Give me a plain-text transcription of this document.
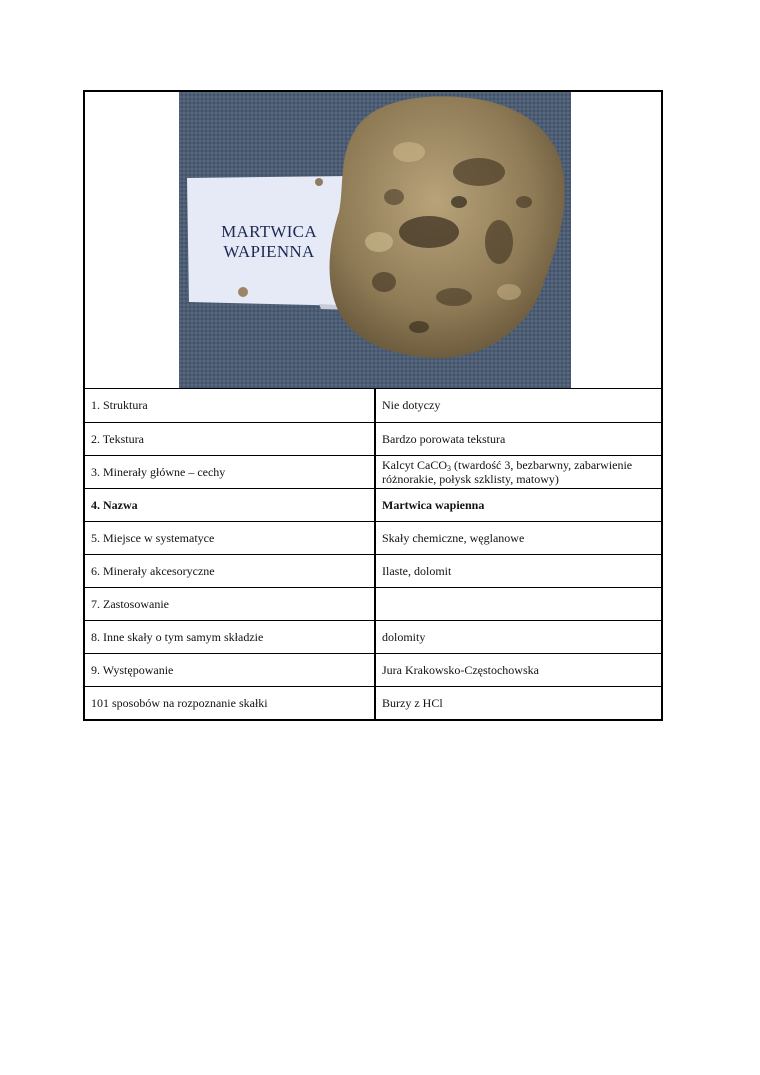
MARTWICA
WAPIENNA
1. Struktura	Nie dotyczy
2. Tekstura	Bardzo porowata tekstura
3. Minerały główne – cechy	Kalcyt CaCO$_3$ (twardość 3, bezbarwny, zabarwienie różnorakie, połysk szklisty, matowy)
4. Nazwa	Martwica wapienna
5. Miejsce w systematyce	Skały chemiczne, węglanowe
6. Minerały akcesoryczne	Ilaste, dolomit
7. Zastosowanie	
8. Inne skały o tym samym składzie	dolomity
9. Występowanie	Jura Krakowsko-Częstochowska
101 sposobów na rozpoznanie skałki	Burzy z HCl
